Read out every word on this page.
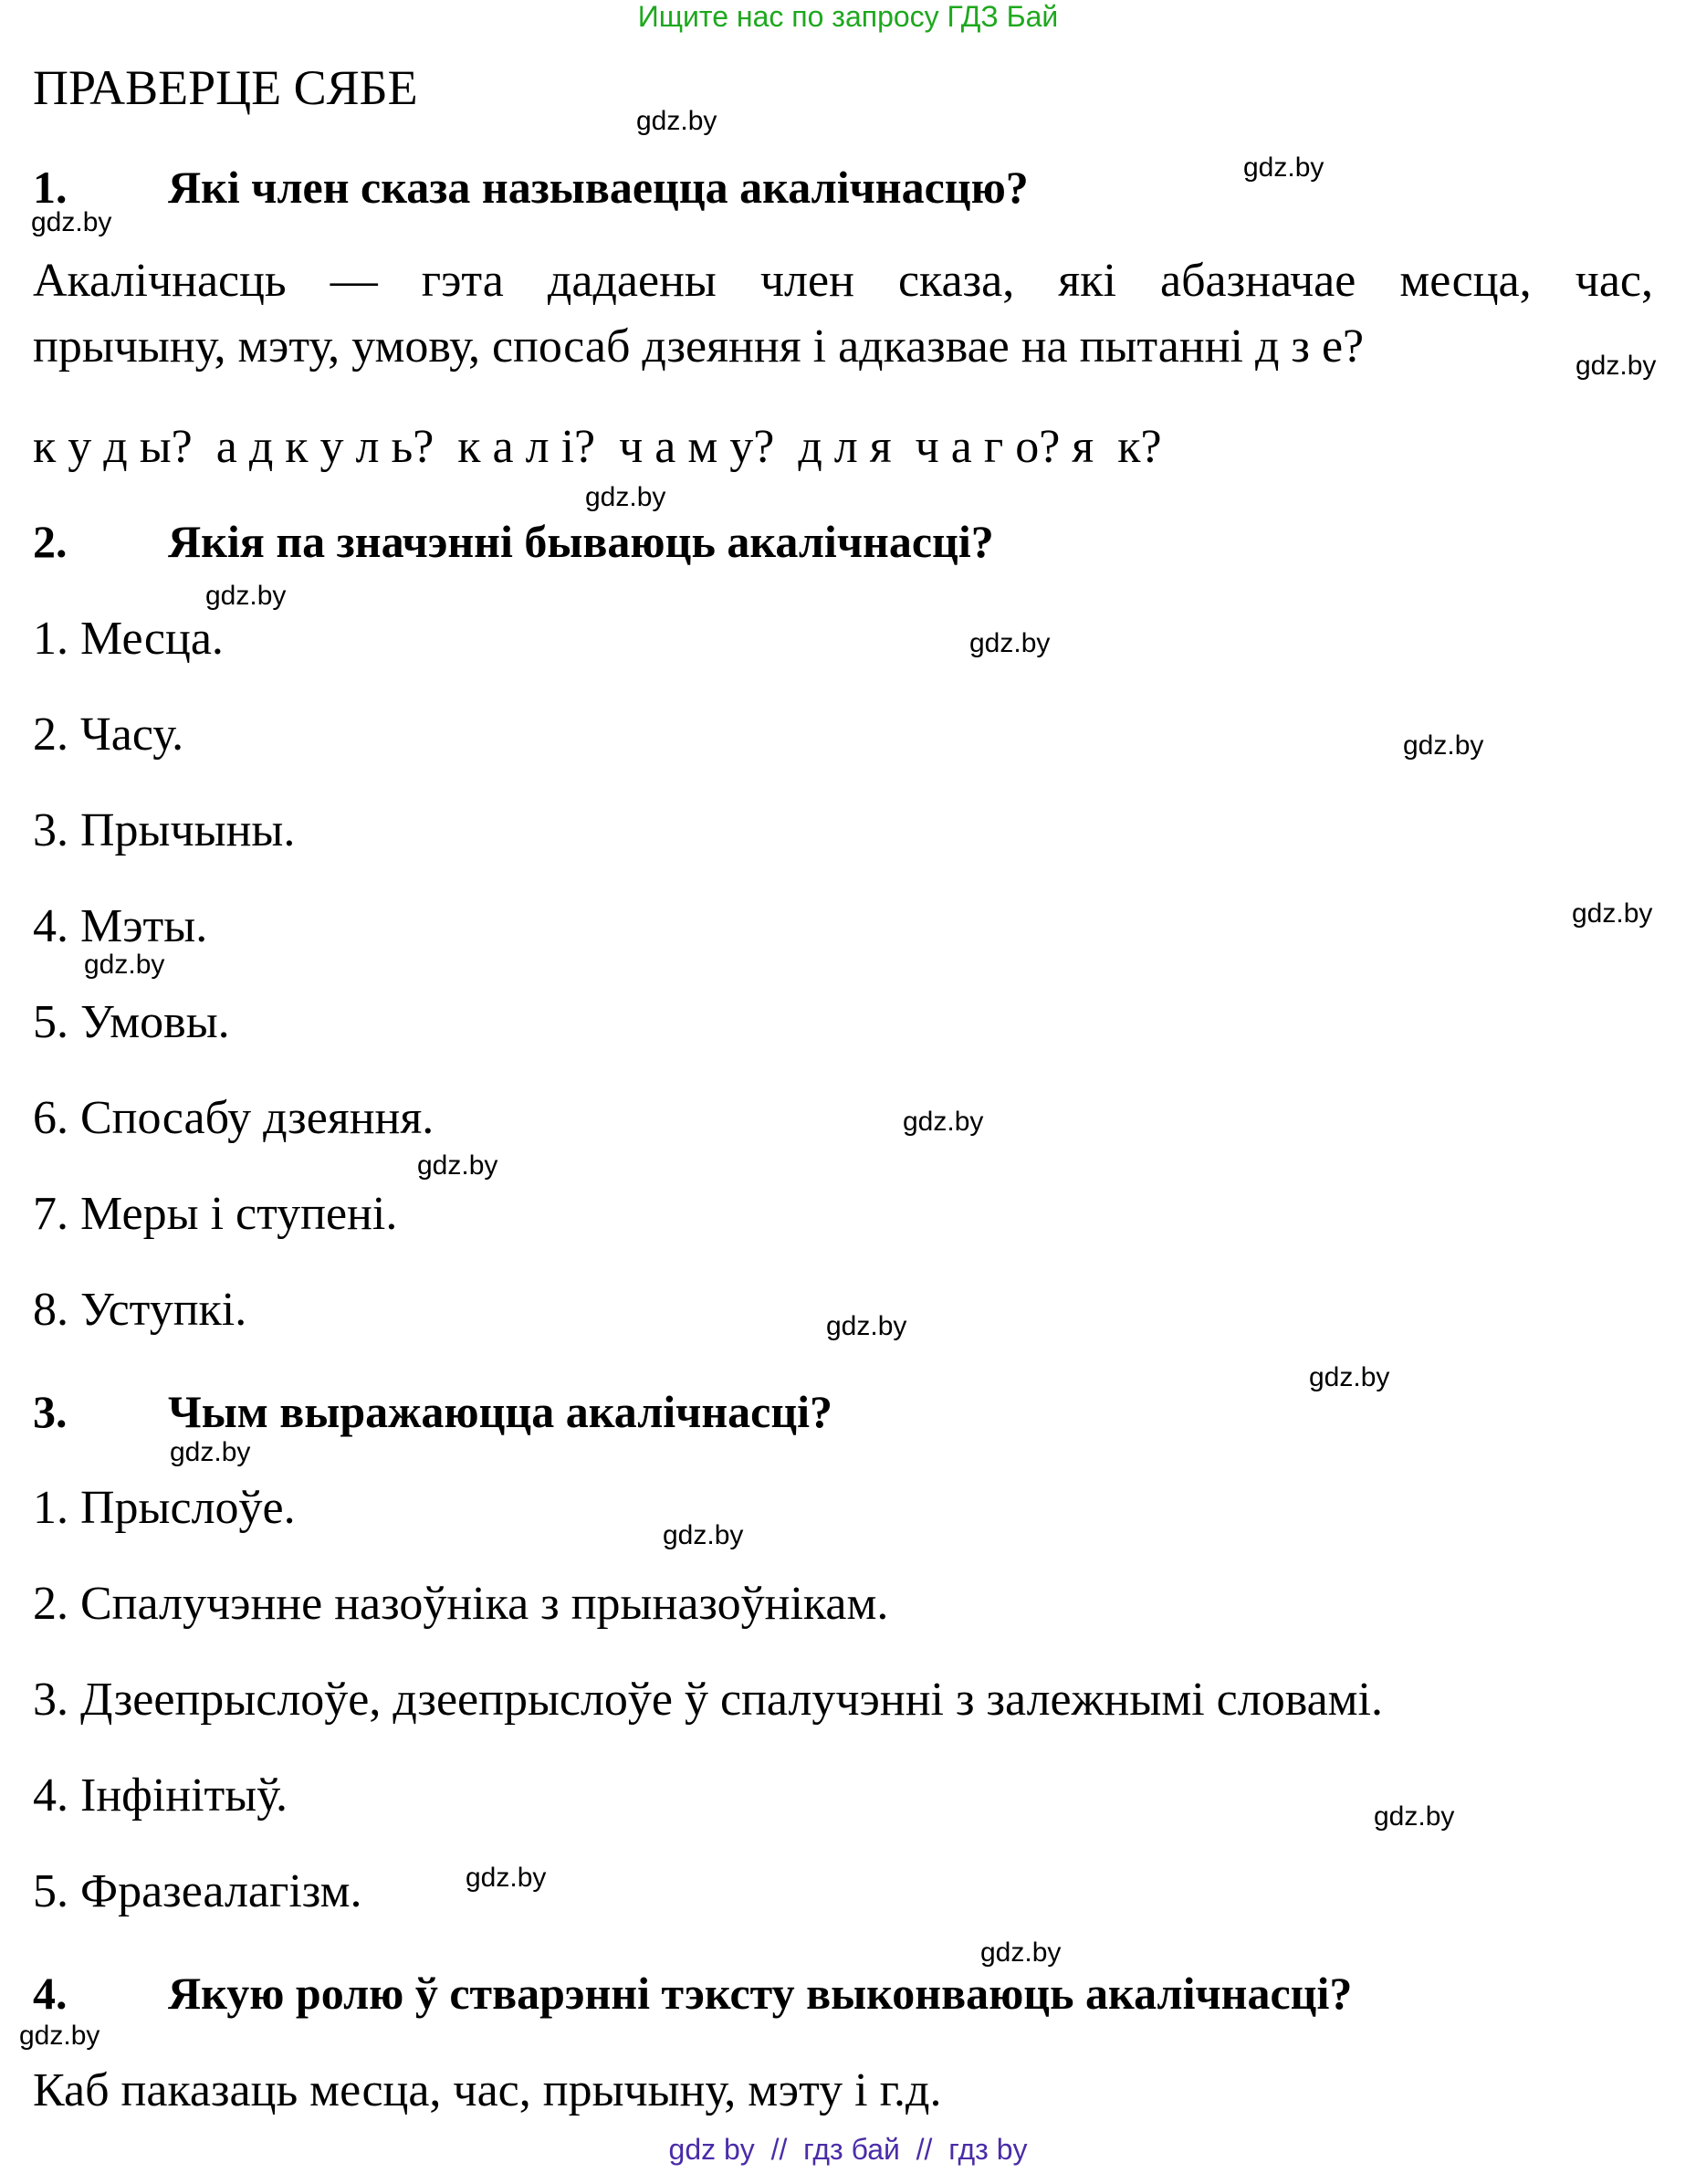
Ищите нас по запросу ГДЗ Бай
ПРАВЕРЦЕ СЯБЕ
1. Які член сказа называецца акалічнасцю?
Акалічнасць — гэта дадаены член сказа, які абазначае месца, час,
прычыну, мэту, умову, спосаб дзеяння і адказвае на пытанні д з е?
к у д ы?  а д к у л ь?  к а л і?  ч а м у?  д л я  ч а г о? я  к?
2. Якія па значэнні бываюць акалічнасці?
1. Месца.
2. Часу.
3. Прычыны.
4. Мэты.
5. Умовы.
6. Спосабу дзеяння.
7. Меры і ступені.
8. Уступкі.
3. Чым выражаюцца акалічнасці?
1. Прыслоўе.
2. Спалучэнне назоўніка з прыназоўнікам.
3. Дзеепрыслоўе, дзеепрыслоўе ў спалучэнні з залежнымі словамі.
4. Інфінітыў.
5. Фразеалагізм.
4. Якую ролю ў стварэнні тэксту выконваюць акалічнасці?
Каб паказаць месца, час, прычыну, мэту і г.д.
gdz.by
gdz.by
gdz.by
gdz.by
gdz.by
gdz.by
gdz.by
gdz.by
gdz.by
gdz.by
gdz.by
gdz.by
gdz.by
gdz.by
gdz.by
gdz.by
gdz.by
gdz.by
gdz.by
gdz.by
gdz by  //  гдз бай  //  гдз by
